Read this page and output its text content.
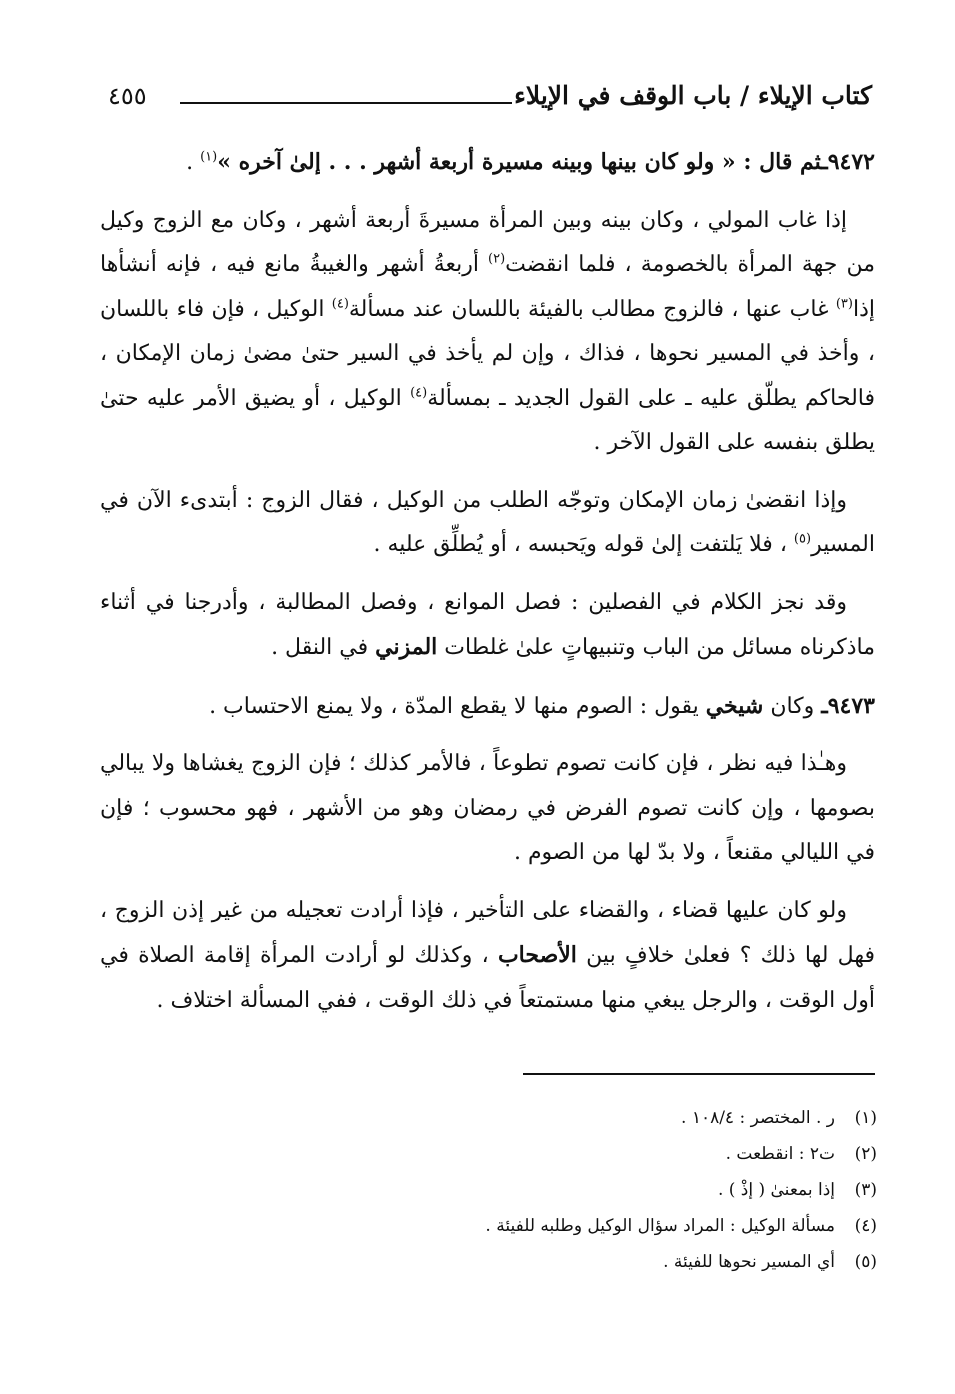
كتاب الإيلاء / باب الوقف في الإيلاء
٤٥٥

٩٤٧٢ـثم قال : « ولو كان بينها وبينه مسيرة أربعة أشهر . . . إلىٰ آخره »$^{(١)}$ .

إذا غاب المولي ، وكان بينه وبين المرأة مسيرةَ أربعة أشهر ، وكان مع الزوج وكيل من جهة المرأة بالخصومة ، فلما انقضت$^{(٢)}$ أربعةُ أشهر والغيبةُ مانع فيه ، فإنه أنشأها إذا$^{(٣)}$ غاب عنها ، فالزوج مطالب بالفيئة باللسان عند مسألة$^{(٤)}$ الوكيل ، فإن فاء باللسان ، وأخذ في المسير نحوها ، فذاك ، وإن لم يأخذ في السير حتىٰ مضىٰ زمان الإمكان ، فالحاكم يطلّق عليه ـ على القول الجديد ـ بمسألة$^{(٤)}$ الوكيل ، أو يضيق الأمر عليه حتىٰ يطلق بنفسه على القول الآخر .

وإذا انقضىٰ زمان الإمكان وتوجّه الطلب من الوكيل ، فقال الزوج : أبتدىء الآن في المسير$^{(٥)}$ ، فلا يَلتفت إلىٰ قوله ويَحبسه ، أو يُطلِّق عليه .

وقد نجز الكلام في الفصلين : فصل الموانع ، وفصل المطالبة ، وأدرجنا في أثناء ماذكرناه مسائل من الباب وتنبيهاتٍ علىٰ غلطات المزني في النقل .

٩٤٧٣ـ وكان شيخي يقول : الصوم منها لا يقطع المدّة ، ولا يمنع الاحتساب .

وهـٰذا فيه نظر ، فإن كانت تصوم تطوعاً ، فالأمر كذلك ؛ فإن الزوج يغشاها ولا يبالي بصومها ، وإن كانت تصوم الفرض في رمضان وهو من الأشهر ، فهو محسوب ؛ فإن في الليالي مقنعاً ، ولا بدّ لها من الصوم .

ولو كان عليها قضاء ، والقضاء على التأخير ، فإذا أرادت تعجيله من غير إذن الزوج ، فهل لها ذلك ؟ فعلىٰ خلافٍ بين الأصحاب ، وكذلك لو أرادت المرأة إقامة الصلاة في أول الوقت ، والرجل يبغي منها مستمتعاً في ذلك الوقت ، ففي المسألة اختلاف .

(١)ر . المختصر : ١٠٨/٤ .
(٢)ت٢ : انقطعت .
(٣)إذا بمعنىٰ ( إذْ ) .
(٤)مسألة الوكيل : المراد سؤال الوكيل وطلبه للفيئة .
(٥)أي المسير نحوها للفيئة .
